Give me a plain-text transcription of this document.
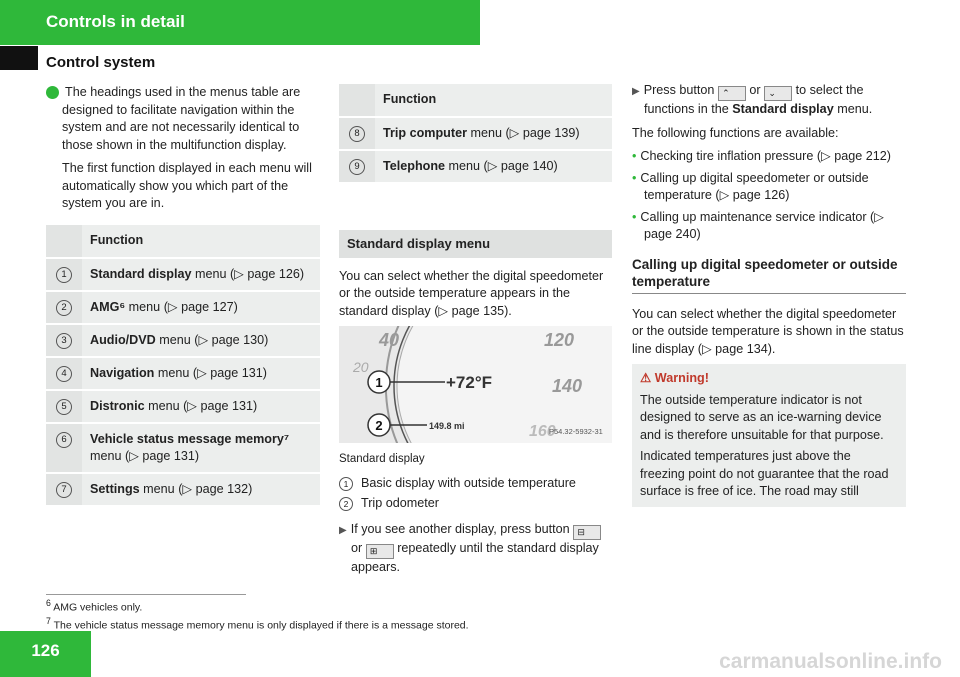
Controls in detail
Control system

i The headings used in the menus table are designed to facilitate navigation within the system and are not necessarily identical to those shown in the multifunction display.

The first function displayed in each menu will automatically show you which part of the system you are in.

	Function
1	Standard display menu (▷ page 126)
2	AMG⁶ menu (▷ page 127)
3	Audio/DVD menu (▷ page 130)
4	Navigation menu (▷ page 131)
5	Distronic menu (▷ page 131)
6	Vehicle status message memory⁷ menu (▷ page 131)
7	Settings menu (▷ page 132)
	Function
8	Trip computer menu (▷ page 139)
9	Telephone menu (▷ page 140)
Standard display menu

You can select whether the digital speedometer or the outside temperature appears in the standard display (▷ page 135).

40
20
120
140
160
+72°F
1
2	149.8 mi
P54.32-5932-31

Standard display

1 Basic display with outside temperature

2 Trip odometer

▶ If you see another display, press button ⊟ or ⊞ repeatedly until the standard display appears.

▶ Press button ⌃ or ⌄ to select the functions in the Standard display menu.

The following functions are available:

• Checking tire inflation pressure (▷ page 212)

• Calling up digital speedometer or outside temperature (▷ page 126)

• Calling up maintenance service indicator (▷ page 240)

Calling up digital speedometer or outside temperature

You can select whether the digital speedometer or the outside temperature is shown in the status line display (▷ page 134).

⚠ Warning!

The outside temperature indicator is not designed to serve as an ice-warning device and is therefore unsuitable for that purpose.

Indicated temperatures just above the freezing point do not guarantee that the road surface is free of ice. The road may still

$^6$ AMG vehicles only.
$^7$ The vehicle status message memory menu is only displayed if there is a message stored.
126	carmanualsonline.info
